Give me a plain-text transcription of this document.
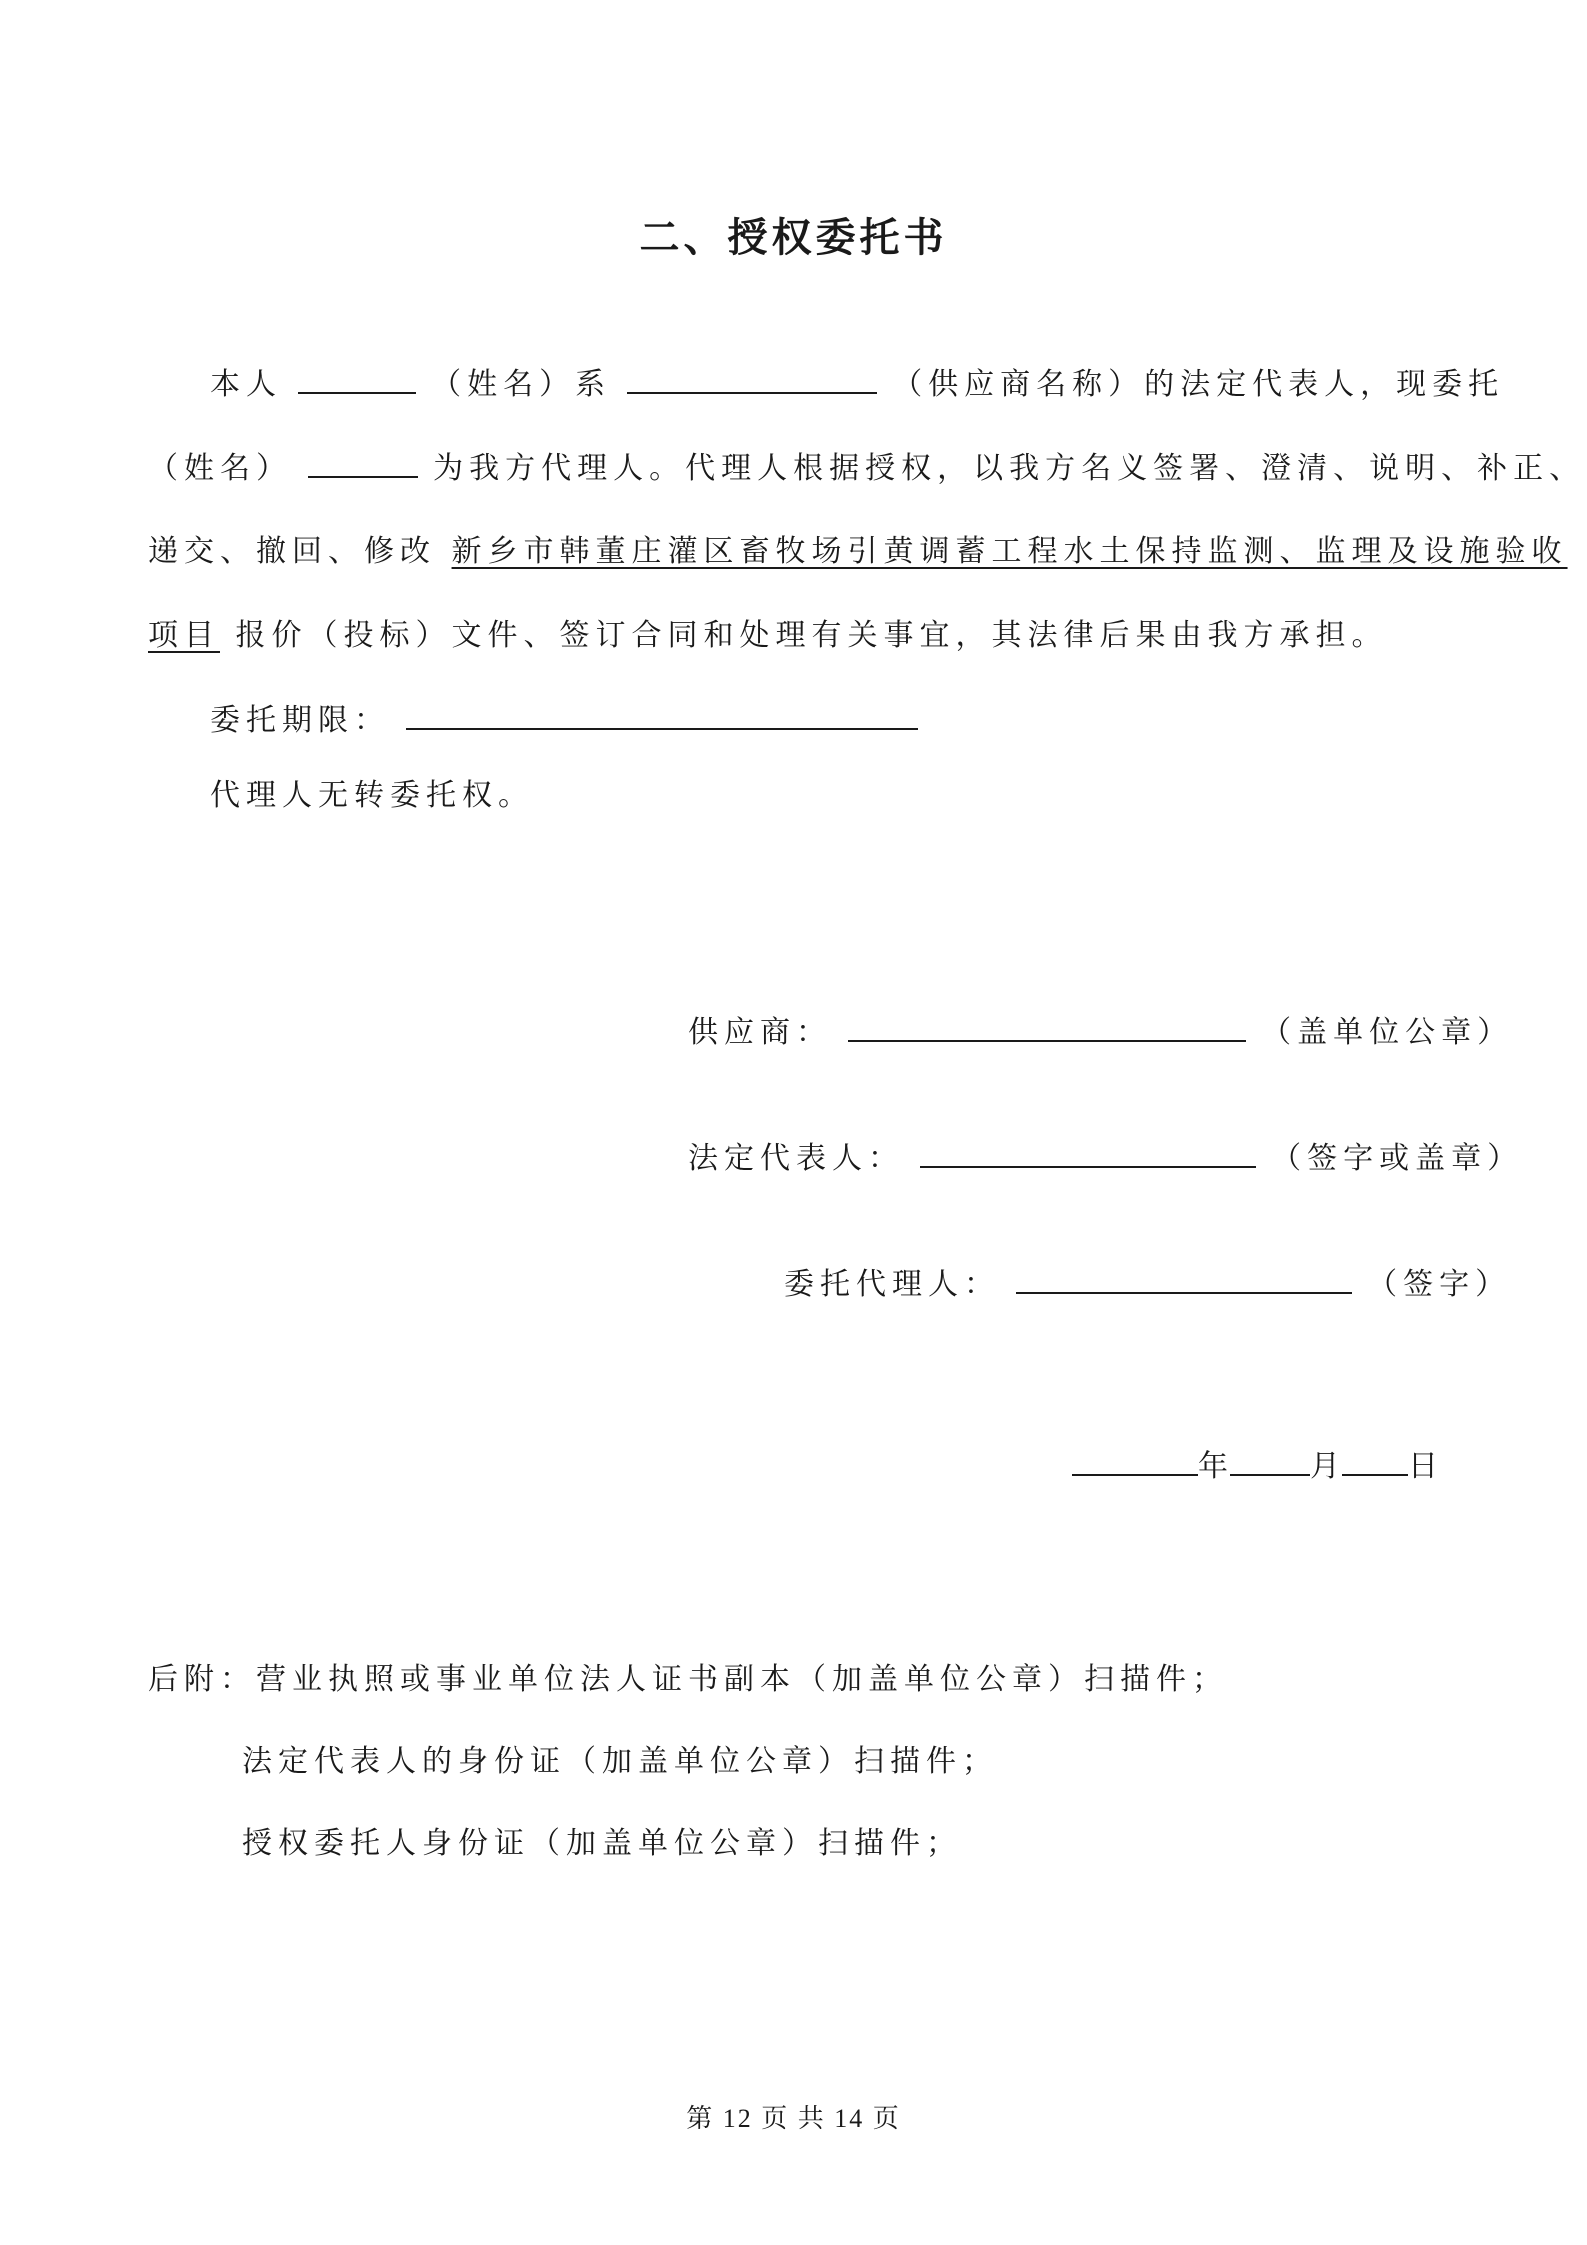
二、授权委托书
本人	（姓名）系	（供应商名称）的法定代表人，现委托
（姓名）	为我方代理人。代理人根据授权，以我方名义签署、澄清、说明、补正、
递交、撤回、修改 新乡市韩董庄灌区畜牧场引黄调蓄工程水土保持监测、监理及设施验收
项目 报价（投标）文件、签订合同和处理有关事宜，其法律后果由我方承担。
委托期限：
代理人无转委托权。
供应商：	（盖单位公章）
法定代表人：	（签字或盖章）
委托代理人：	（签字）
年	月 日
后附：营业执照或事业单位法人证书副本（加盖单位公章）扫描件；
法定代表人的身份证（加盖单位公章）扫描件；
授权委托人身份证（加盖单位公章）扫描件；
第 12 页 共 14 页
